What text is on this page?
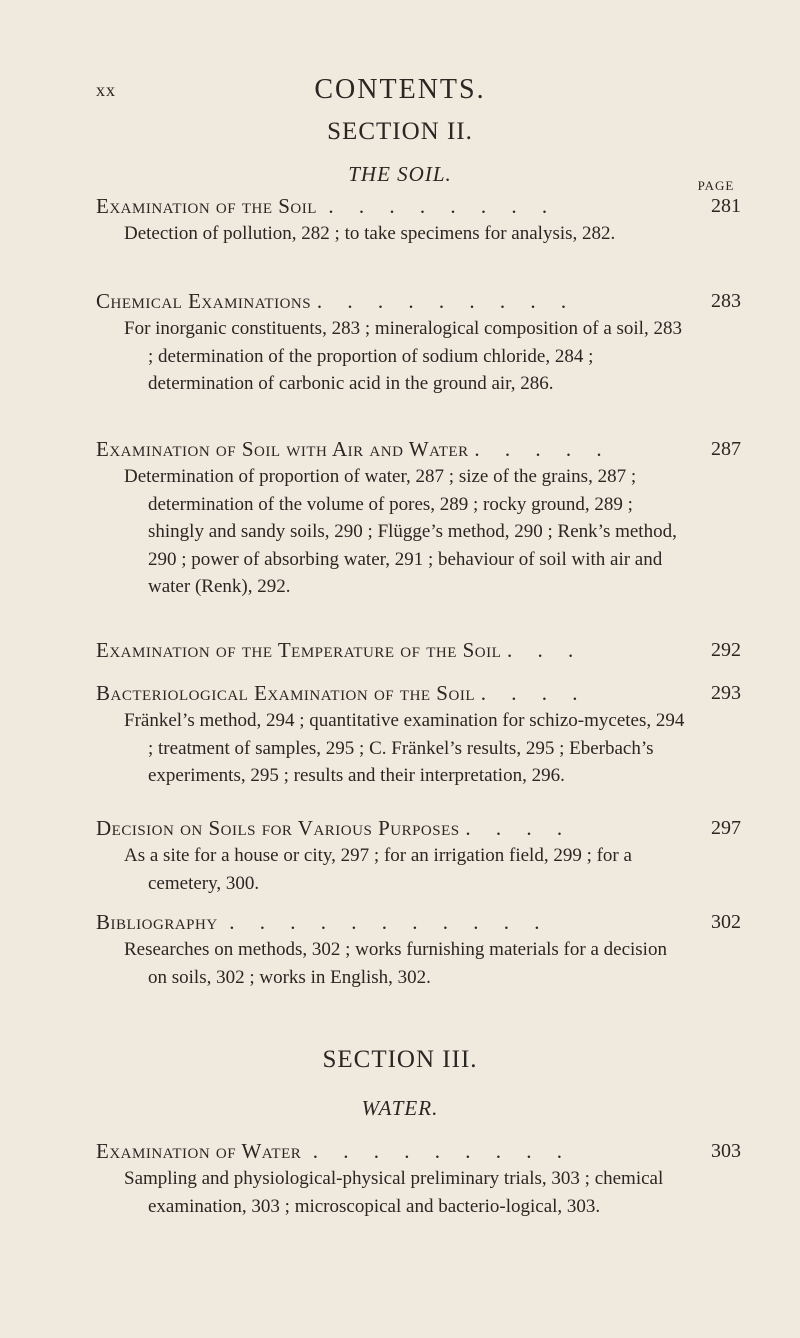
xx	CONTENTS.
SECTION II.
THE SOIL.	PAGE
Examination of the Soil . . . . . . . .	281
Detection of pollution, 282 ; to take specimens for analysis, 282.
Chemical Examinations . . . . . . . . .	283
For inorganic constituents, 283 ; mineralogical composition of a soil, 283 ; determination of the proportion of sodium chloride, 284 ; determination of carbonic acid in the ground air, 286.
Examination of Soil with Air and Water . . . . .	287
Determination of proportion of water, 287 ; size of the grains, 287 ; determination of the volume of pores, 289 ; rocky ground, 289 ; shingly and sandy soils, 290 ; Flügge’s method, 290 ; Renk’s method, 290 ; power of absorbing water, 291 ; behaviour of soil with air and water (Renk), 292.
Examination of the Temperature of the Soil . . .	292
Bacteriological Examination of the Soil . . . .	293
Fränkel’s method, 294 ; quantitative examination for schizo-mycetes, 294 ; treatment of samples, 295 ; C. Fränkel’s results, 295 ; Eberbach’s experiments, 295 ; results and their interpretation, 296.
Decision on Soils for Various Purposes . . . .	297
As a site for a house or city, 297 ; for an irrigation field, 299 ; for a cemetery, 300.
Bibliography . . . . . . . . . . .	302
Researches on methods, 302 ; works furnishing materials for a decision on soils, 302 ; works in English, 302.
SECTION III.
WATER.
Examination of Water . . . . . . . . .	303
Sampling and physiological-physical preliminary trials, 303 ; chemical examination, 303 ; microscopical and bacterio-logical, 303.
